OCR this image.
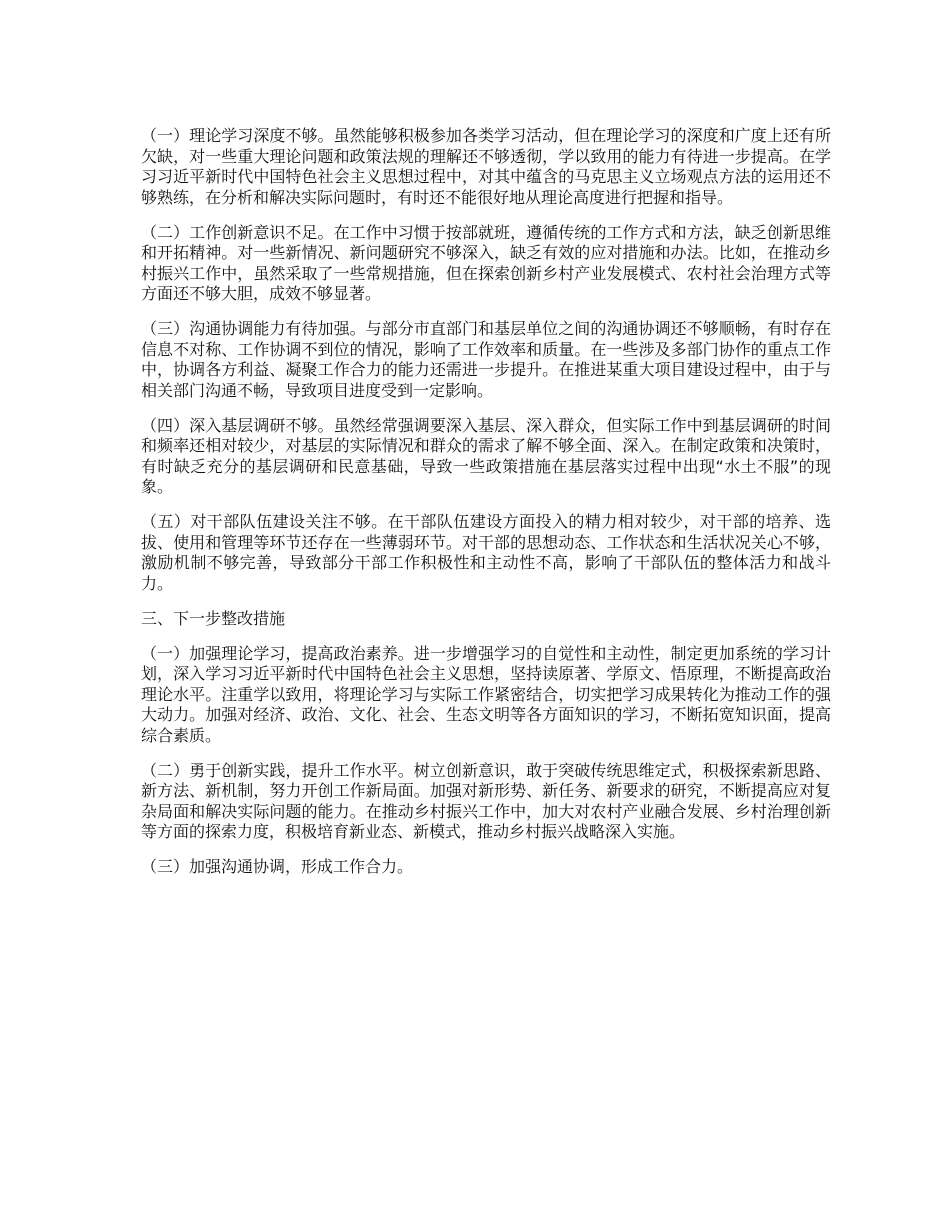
（一）理论学习深度不够。虽然能够积极参加各类学习活动，但在理论学习的深度和广度上还有所欠缺，对一些重大理论问题和政策法规的理解还不够透彻，学以致用的能力有待进一步提高。在学习习近平新时代中国特色社会主义思想过程中，对其中蕴含的马克思主义立场观点方法的运用还不够熟练，在分析和解决实际问题时，有时还不能很好地从理论高度进行把握和指导。

（二）工作创新意识不足。在工作中习惯于按部就班，遵循传统的工作方式和方法，缺乏创新思维和开拓精神。对一些新情况、新问题研究不够深入，缺乏有效的应对措施和办法。比如，在推动乡村振兴工作中，虽然采取了一些常规措施，但在探索创新乡村产业发展模式、农村社会治理方式等方面还不够大胆，成效不够显著。

（三）沟通协调能力有待加强。与部分市直部门和基层单位之间的沟通协调还不够顺畅，有时存在信息不对称、工作协调不到位的情况，影响了工作效率和质量。在一些涉及多部门协作的重点工作中，协调各方利益、凝聚工作合力的能力还需进一步提升。在推进某重大项目建设过程中，由于与相关部门沟通不畅，导致项目进度受到一定影响。

（四）深入基层调研不够。虽然经常强调要深入基层、深入群众，但实际工作中到基层调研的时间和频率还相对较少，对基层的实际情况和群众的需求了解不够全面、深入。在制定政策和决策时，有时缺乏充分的基层调研和民意基础，导致一些政策措施在基层落实过程中出现“水土不服”的现象。

（五）对干部队伍建设关注不够。在干部队伍建设方面投入的精力相对较少，对干部的培养、选拔、使用和管理等环节还存在一些薄弱环节。对干部的思想动态、工作状态和生活状况关心不够，激励机制不够完善，导致部分干部工作积极性和主动性不高，影响了干部队伍的整体活力和战斗力。

三、下一步整改措施

（一）加强理论学习，提高政治素养。进一步增强学习的自觉性和主动性，制定更加系统的学习计划，深入学习习近平新时代中国特色社会主义思想，坚持读原著、学原文、悟原理，不断提高政治理论水平。注重学以致用，将理论学习与实际工作紧密结合，切实把学习成果转化为推动工作的强大动力。加强对经济、政治、文化、社会、生态文明等各方面知识的学习，不断拓宽知识面，提高综合素质。

（二）勇于创新实践，提升工作水平。树立创新意识，敢于突破传统思维定式，积极探索新思路、新方法、新机制，努力开创工作新局面。加强对新形势、新任务、新要求的研究，不断提高应对复杂局面和解决实际问题的能力。在推动乡村振兴工作中，加大对农村产业融合发展、乡村治理创新等方面的探索力度，积极培育新业态、新模式，推动乡村振兴战略深入实施。

（三）加强沟通协调，形成工作合力。
